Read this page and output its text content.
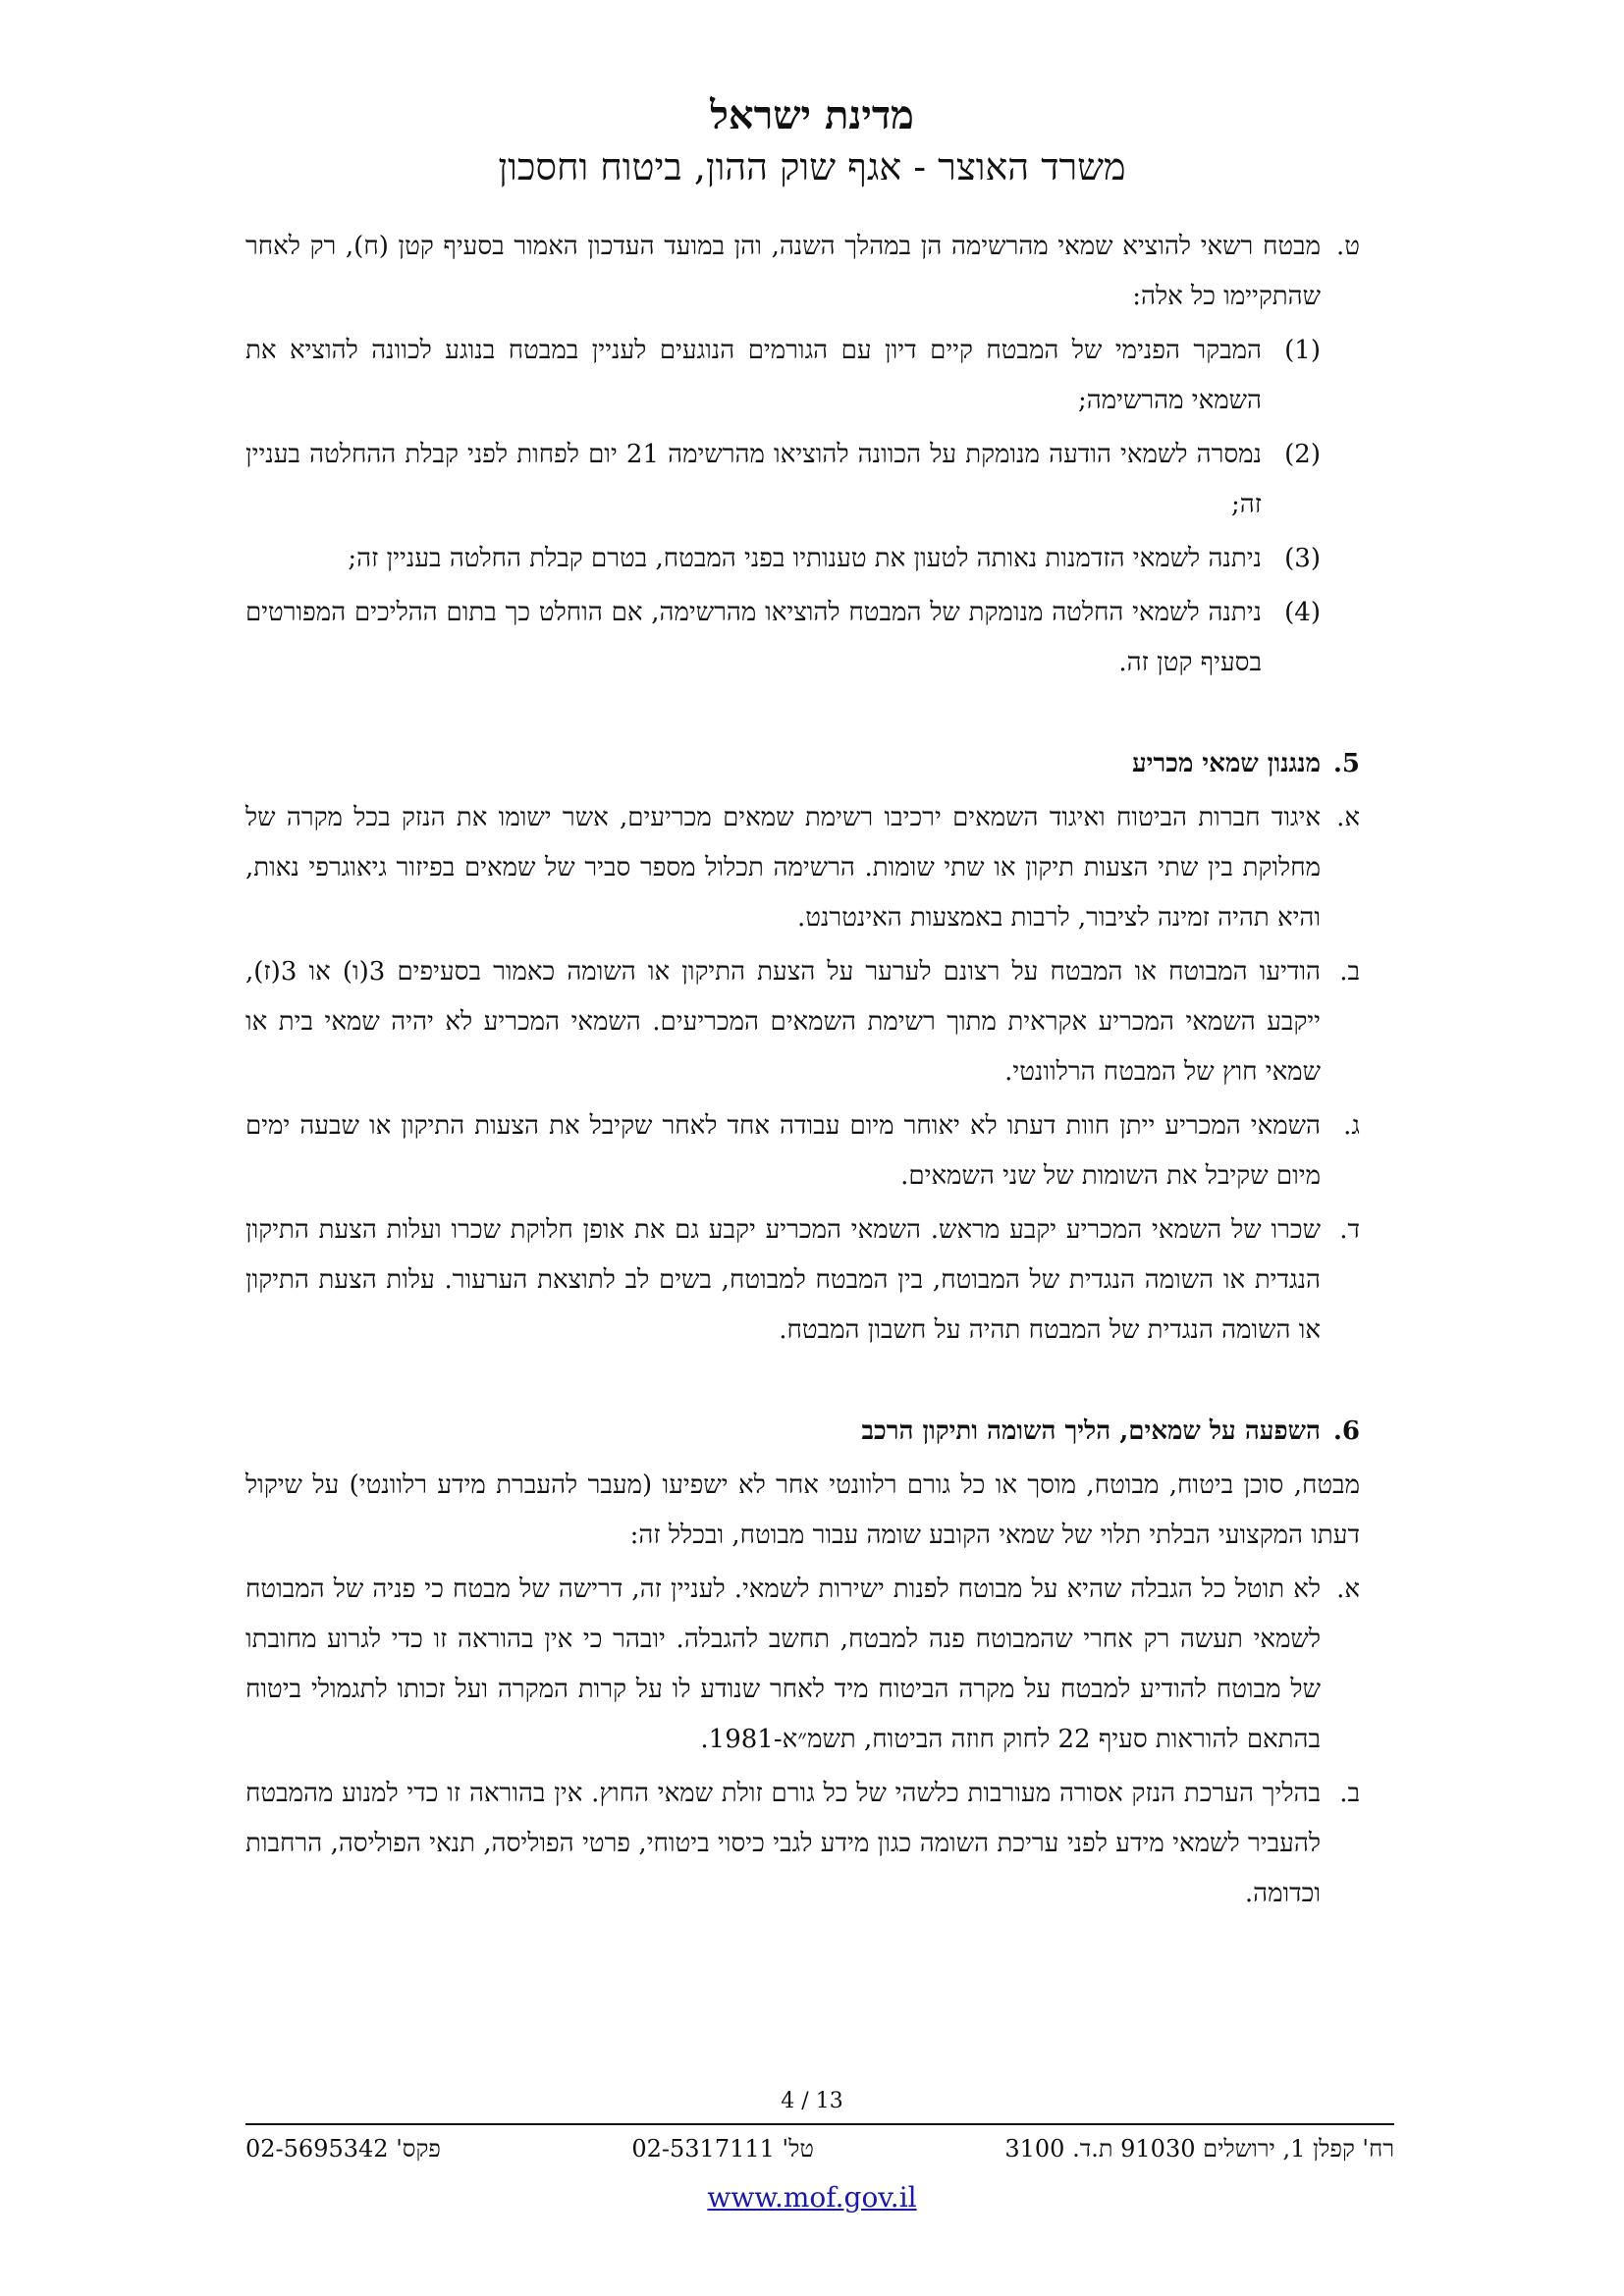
מדינת ישראל
משרד האוצר - אגף שוק ההון, ביטוח וחסכון
ט.
מבטח רשאי להוציא שמאי מהרשימה הן במהלך השנה, והן במועד העדכון האמור בסעיף קטן (ח), רק לאחר שהתקיימו כל אלה:
(1)
המבקר הפנימי של המבטח קיים דיון עם הגורמים הנוגעים לעניין במבטח בנוגע לכוונה להוציא את השמאי מהרשימה;
(2)
נמסרה לשמאי הודעה מנומקת על הכוונה להוציאו מהרשימה 21 יום לפחות לפני קבלת ההחלטה בעניין זה;
(3)
ניתנה לשמאי הזדמנות נאותה לטעון את טענותיו בפני המבטח, בטרם קבלת החלטה בעניין זה;
(4)
ניתנה לשמאי החלטה מנומקת של המבטח להוציאו מהרשימה, אם הוחלט כך בתום ההליכים המפורטים בסעיף קטן זה.
5.
מנגנון שמאי מכריע
א.
איגוד חברות הביטוח ואיגוד השמאים ירכיבו רשימת שמאים מכריעים, אשר ישומו את הנזק בכל מקרה של מחלוקת בין שתי הצעות תיקון או שתי שומות. הרשימה תכלול מספר סביר של שמאים בפיזור גיאוגרפי נאות, והיא תהיה זמינה לציבור, לרבות באמצעות האינטרנט.
ב.
הודיעו המבוטח או המבטח על רצונם לערער על הצעת התיקון או השומה כאמור בסעיפים 3(ו) או 3(ז), ייקבע השמאי המכריע אקראית מתוך רשימת השמאים המכריעים. השמאי המכריע לא יהיה שמאי בית או שמאי חוץ של המבטח הרלוונטי.
ג.
השמאי המכריע ייתן חוות דעתו לא יאוחר מיום עבודה אחד לאחר שקיבל את הצעות התיקון או שבעה ימים מיום שקיבל את השומות של שני השמאים.
ד.
שכרו של השמאי המכריע יקבע מראש. השמאי המכריע יקבע גם את אופן חלוקת שכרו ועלות הצעת התיקון הנגדית או השומה הנגדית של המבוטח, בין המבטח למבוטח, בשים לב לתוצאת הערעור. עלות הצעת התיקון או השומה הנגדית של המבטח תהיה על חשבון המבטח.
6.
השפעה על שמאים, הליך השומה ותיקון הרכב
מבטח, סוכן ביטוח, מבוטח, מוסך או כל גורם רלוונטי אחר לא ישפיעו (מעבר להעברת מידע רלוונטי) על שיקול דעתו המקצועי הבלתי תלוי של שמאי הקובע שומה עבור מבוטח, ובכלל זה:
א.
לא תוטל כל הגבלה שהיא על מבוטח לפנות ישירות לשמאי. לעניין זה, דרישה של מבטח כי פניה של המבוטח לשמאי תעשה רק אחרי שהמבוטח פנה למבטח, תחשב להגבלה. יובהר כי אין בהוראה זו כדי לגרוע מחובתו של מבוטח להודיע למבטח על מקרה הביטוח מיד לאחר שנודע לו על קרות המקרה ועל זכותו לתגמולי ביטוח בהתאם להוראות סעיף 22 לחוק חוזה הביטוח, תשמ״א-1981.
ב.
בהליך הערכת הנזק אסורה מעורבות כלשהי של כל גורם זולת שמאי החוץ. אין בהוראה זו כדי למנוע מהמבטח להעביר לשמאי מידע לפני עריכת השומה כגון מידע לגבי כיסוי ביטוחי, פרטי הפוליסה, תנאי הפוליסה, הרחבות וכדומה.
4 / 13
רח' קפלן 1, ירושלים 91030 ת.ד. 3100
טל' 02-5317111
פקס' 02-5695342
www.mof.gov.il
